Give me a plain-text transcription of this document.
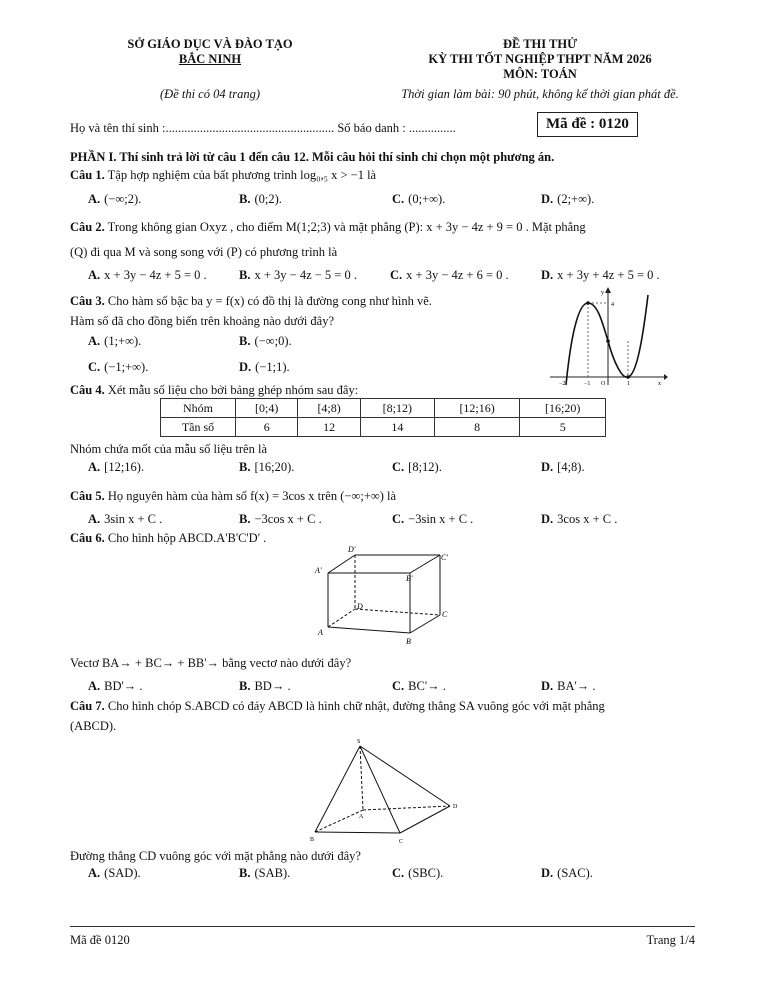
SỞ GIÁO DỤC VÀ ĐÀO TẠO
BẮC NINH
(Đề thi có 04 trang)
ĐỀ THI THỬ
KỲ THI TỐT NGHIỆP THPT NĂM 2026
MÔN: TOÁN
Thời gian làm bài: 90 phút, không kể thời gian phát đề.
Họ và tên thí sinh :...................................................... Số báo danh : ...............	Mã đề : 0120
PHẦN I. Thí sinh trả lời từ câu 1 đến câu 12. Mỗi câu hỏi thí sinh chỉ chọn một phương án.
Câu 1. Tập hợp nghiệm của bất phương trình log₀,₅ x > −1 là
A. (−∞;2).	B. (0;2).	C. (0;+∞).	D. (2;+∞).
Câu 2. Trong không gian Oxyz , cho điểm M(1;2;3) và mặt phẳng (P): x + 3y − 4z + 9 = 0 . Mặt phẳng
(Q) đi qua M và song song với (P) có phương trình là
A. x + 3y − 4z + 5 = 0 .	B. x + 3y − 4z − 5 = 0 .	C. x + 3y − 4z + 6 = 0 .	D. x + 3y + 4z + 5 = 0 .
Câu 3. Cho hàm số bậc ba y = f(x) có đồ thị là đường cong như hình vẽ.
Hàm số đã cho đồng biến trên khoảng nào dưới đây?
A. (1;+∞).	B. (−∞;0).
C. (−1;+∞).	D. (−1;1).
y
4
x
−2	−1 O	1
Câu 4. Xét mẫu số liệu cho bởi bảng ghép nhóm sau đây:
Nhóm	[0;4)	[4;8)	[8;12)	[12;16)	[16;20)
Tần số	6	12	14	8	5
Nhóm chứa mốt của mẫu số liệu trên là
A. [12;16).	B. [16;20).	C. [8;12).	D. [4;8).
Câu 5. Họ nguyên hàm của hàm số f(x) = 3cos x trên (−∞;+∞) là
A. 3sin x + C .	B. −3cos x + C .	C. −3sin x + C .	D. 3cos x + C .
Câu 6. Cho hình hộp ABCD.A'B'C'D' .
D'
C'
A'
B'
D
C
A
B
Vectơ BA→ + BC→ + BB'→ bằng vectơ nào dưới đây?
A. BD'→ .	B. BD→ .	C. BC'→ .	D. BA'→ .
Câu 7. Cho hình chóp S.ABCD có đáy ABCD là hình chữ nhật, đường thẳng SA vuông góc với mặt phẳng
(ABCD).
S
A
B	C
D
Đường thẳng CD vuông góc với mặt phẳng nào dưới đây?
A. (SAD).	B. (SAB).	C. (SBC).	D. (SAC).
Mã đề 0120	Trang 1/4
